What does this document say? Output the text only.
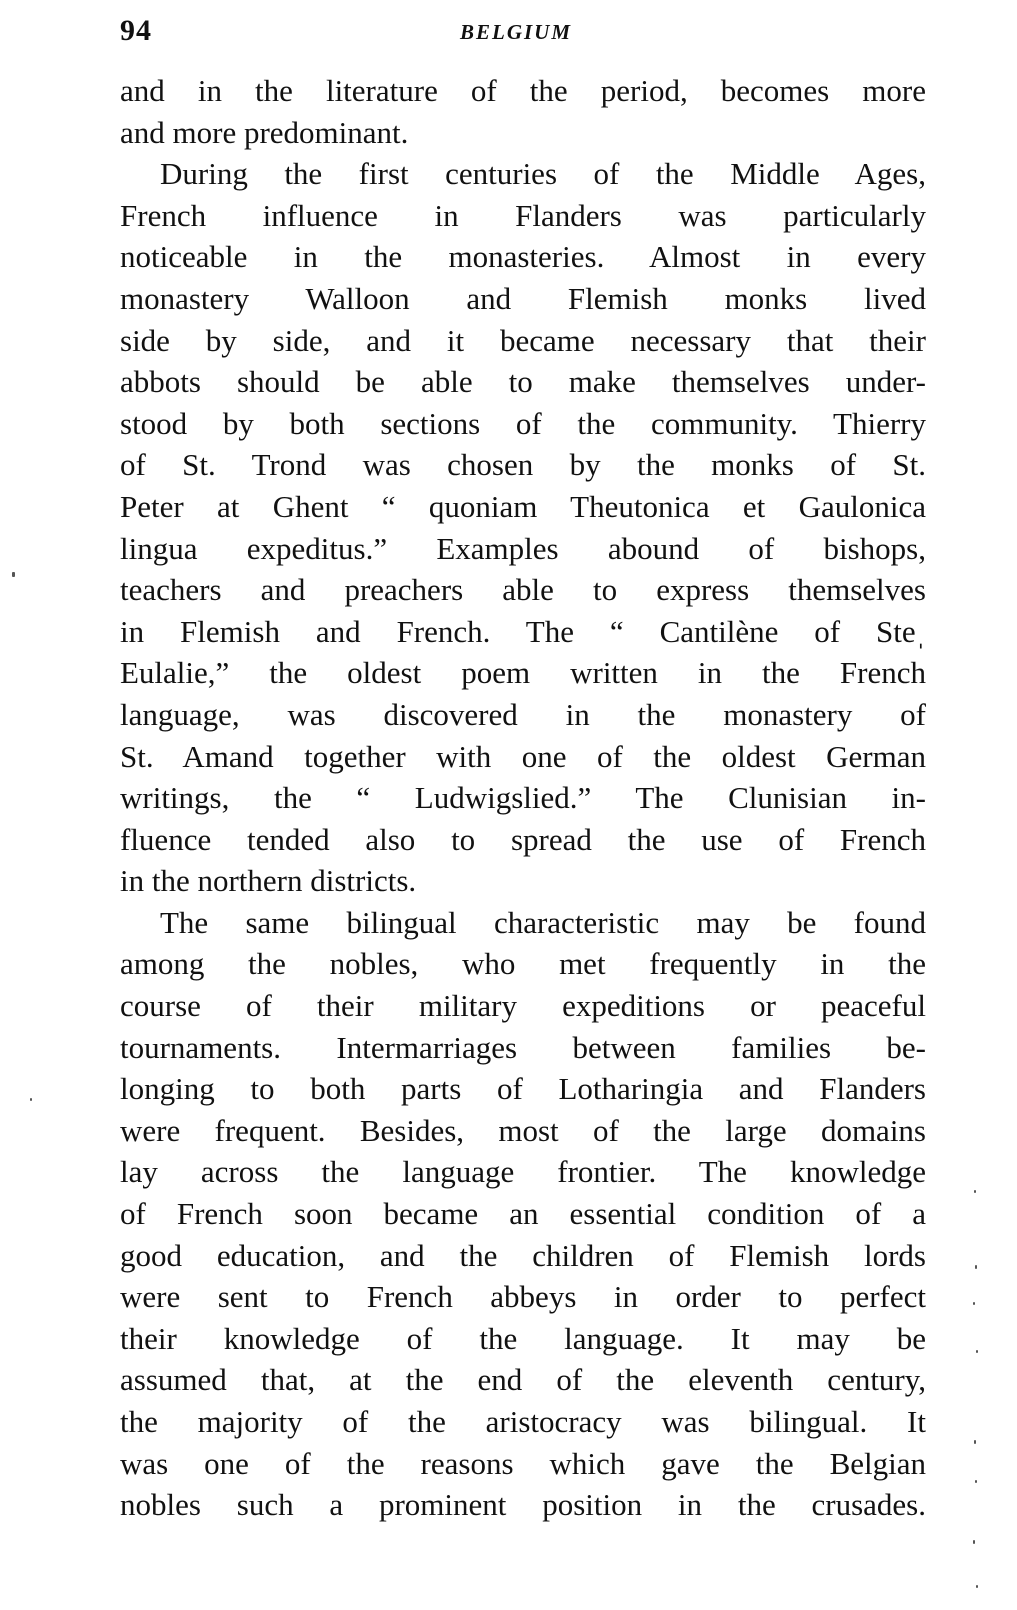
94	BELGIUM
and in the literature of the period, becomes more
and more predominant.
During the first centuries of the Middle Ages,
French influence in Flanders was particularly
noticeable in the monasteries. Almost in every
monastery Walloon and Flemish monks lived
side by side, and it became necessary that their
abbots should be able to make themselves under-
stood by both sections of the community. Thierry
of St. Trond was chosen by the monks of St.
Peter at Ghent “ quoniam Theutonica et Gaulonica
lingua expeditus.” Examples abound of bishops,
teachers and preachers able to express themselves
in Flemish and French. The “ Cantilène of Steˌ
Eulalie,” the oldest poem written in the French
language, was discovered in the monastery of
St. Amand together with one of the oldest German
writings, the “ Ludwigslied.” The Clunisian in-
fluence tended also to spread the use of French
in the northern districts.
The same bilingual characteristic may be found
among the nobles, who met frequently in the
course of their military expeditions or peaceful
tournaments. Intermarriages between families be-
longing to both parts of Lotharingia and Flanders
were frequent. Besides, most of the large domains
lay across the language frontier. The knowledge
of French soon became an essential condition of a
good education, and the children of Flemish lords
were sent to French abbeys in order to perfect
their knowledge of the language. It may be
assumed that, at the end of the eleventh century,
the majority of the aristocracy was bilingual. It
was one of the reasons which gave the Belgian
nobles such a prominent position in the crusades.
